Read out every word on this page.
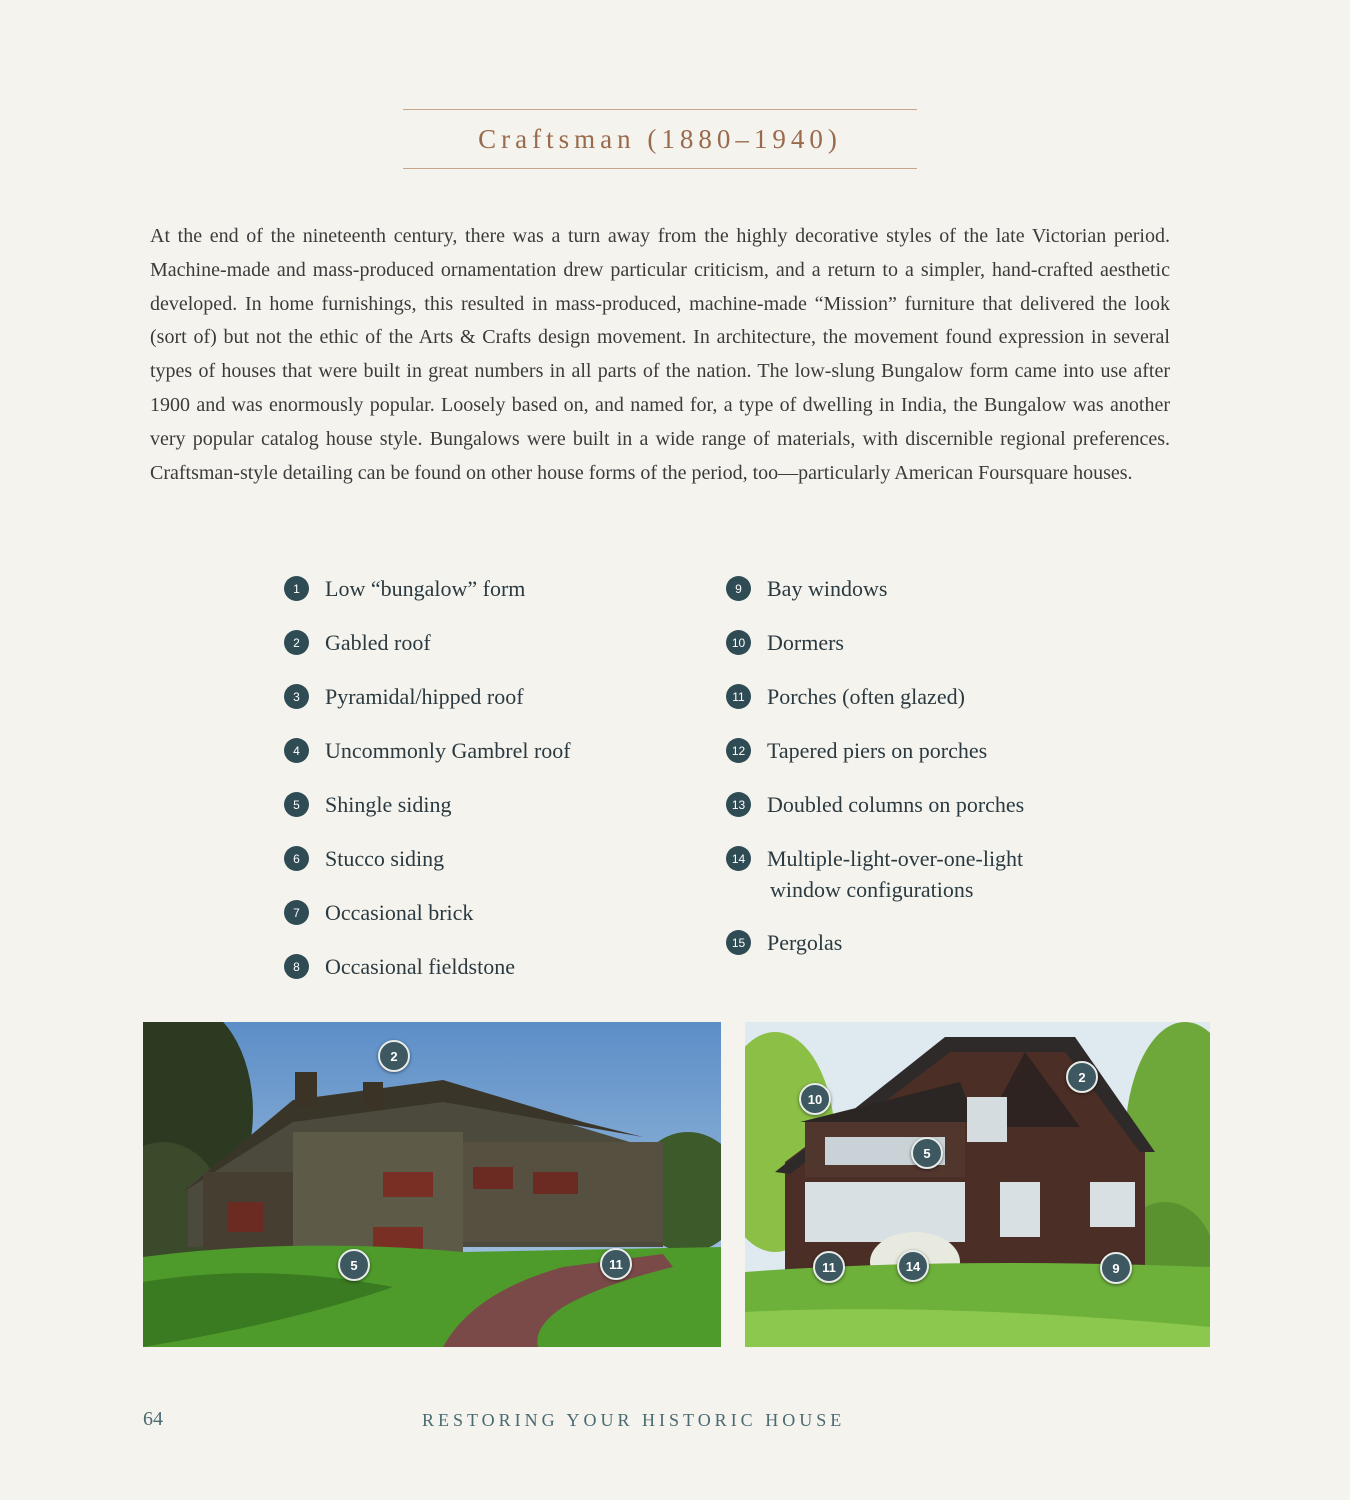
Craftsman (1880–1940)

At the end of the nineteenth century, there was a turn away from the highly decorative styles of the late Victorian period. Machine-made and mass-produced ornamentation drew particular criticism, and a return to a simpler, hand-crafted aesthetic developed. In home furnishings, this resulted in mass-produced, machine-made “Mission” furniture that delivered the look (sort of) but not the ethic of the Arts & Crafts design movement. In architecture, the movement found expression in several types of houses that were built in great numbers in all parts of the nation. The low-slung Bungalow form came into use after 1900 and was enormously popular. Loosely based on, and named for, a type of dwelling in India, the Bungalow was another very popular catalog house style. Bungalows were built in a wide range of materials, with discernible regional preferences. Craftsman-style detailing can be found on other house forms of the period, too—particularly American Foursquare houses.

1	Low “bungalow” form
2	Gabled roof
3	Pyramidal/hipped roof
4	Uncommonly Gambrel roof
5	Shingle siding
6	Stucco siding
7	Occasional brick
8	Occasional fieldstone
9	Bay windows
10 Dormers
11 Porches (often glazed)
12 Tapered piers on porches
13 Doubled columns on porches
14 Multiple-light-over-one-light
window configurations
15 Pergolas
2
5	11
10
2
5
11	14	9
64	RESTORING YOUR HISTORIC HOUSE
